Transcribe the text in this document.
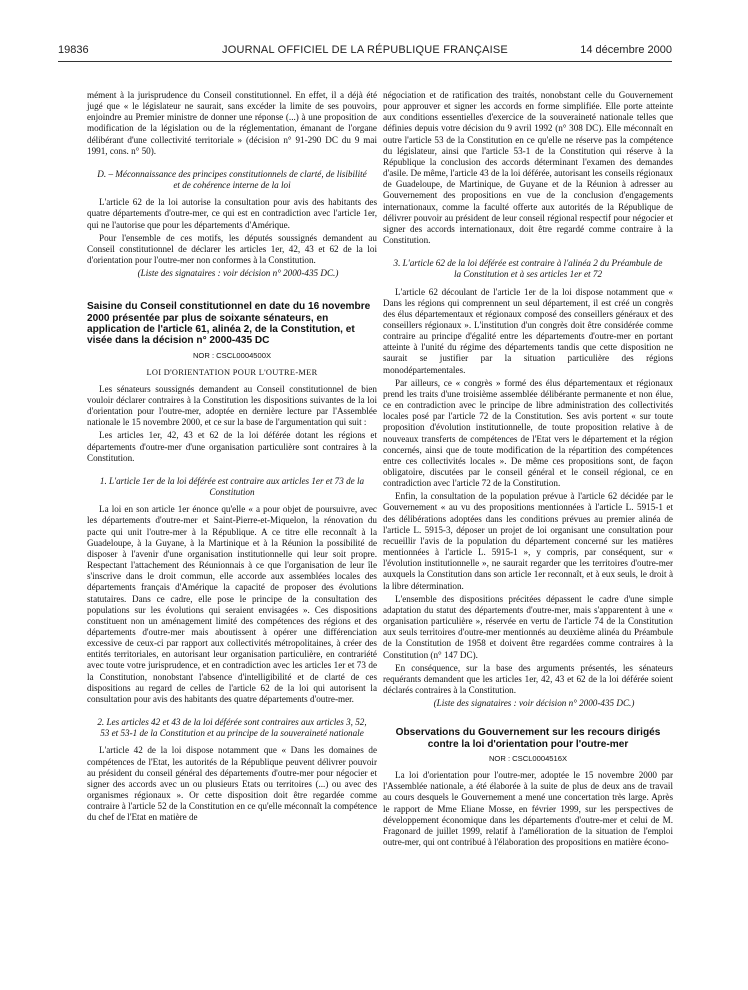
19836	JOURNAL OFFICIEL DE LA RÉPUBLIQUE FRANÇAISE	14 décembre 2000

mément à la jurisprudence du Conseil constitutionnel. En effet, il a déjà été jugé que « le législateur ne saurait, sans excéder la limite de ses pouvoirs, enjoindre au Premier ministre de donner une réponse (...) à une proposition de modification de la législation ou de la réglementation, émanant de l'organe délibérant d'une collectivité territoriale » (décision n° 91-290 DC du 9 mai 1991, cons. n° 50).

D. – Méconnaissance des principes constitutionnels de clarté, de lisibilité et de cohérence interne de la loi

L'article 62 de la loi autorise la consultation pour avis des habitants des quatre départements d'outre-mer, ce qui est en contradiction avec l'article 1er, qui ne l'autorise que pour les départements d'Amérique.

Pour l'ensemble de ces motifs, les députés soussignés demandent au Conseil constitutionnel de déclarer les articles 1er, 42, 43 et 62 de la loi d'orientation pour l'outre-mer non conformes à la Constitution.

(Liste des signataires : voir décision n° 2000-435 DC.)

Saisine du Conseil constitutionnel en date du 16 novembre 2000 présentée par plus de soixante sénateurs, en application de l'article 61, alinéa 2, de la Constitution, et visée dans la décision n° 2000-435 DC
NOR : CSCL0004500X
LOI D'ORIENTATION POUR L'OUTRE-MER

Les sénateurs soussignés demandent au Conseil constitutionnel de bien vouloir déclarer contraires à la Constitution les dispositions suivantes de la loi d'orientation pour l'outre-mer, adoptée en dernière lecture par l'Assemblée nationale le 15 novembre 2000, et ce sur la base de l'argumentation qui suit :

Les articles 1er, 42, 43 et 62 de la loi déférée dotant les régions et départements d'outre-mer d'une organisation particulière sont contraires à la Constitution.

1. L'article 1er de la loi déférée est contraire aux articles 1er et 73 de la Constitution

La loi en son article 1er énonce qu'elle « a pour objet de poursuivre, avec les départements d'outre-mer et Saint-Pierre-et-Miquelon, la rénovation du pacte qui unit l'outre-mer à la République. A ce titre elle reconnaît à la Guadeloupe, à la Guyane, à la Martinique et à la Réunion la possibilité de disposer à l'avenir d'une organisation institutionnelle qui leur soit propre. Respectant l'attachement des Réunionnais à ce que l'organisation de leur île s'inscrive dans le droit commun, elle accorde aux assemblées locales des départements français d'Amérique la capacité de proposer des évolutions statutaires. Dans ce cadre, elle pose le principe de la consultation des populations sur les évolutions qui seraient envisagées ». Ces dispositions constituent non un aménagement limité des compétences des régions et des départements d'outre-mer mais aboutissent à opérer une différenciation excessive de ceux-ci par rapport aux collectivités métropolitaines, à créer des entités territoriales, en autorisant leur organisation particulière, en contrariété avec toute votre jurisprudence, et en contradiction avec les articles 1er et 73 de la Constitution, nonobstant l'absence d'intelligibilité et de clarté de ces dispositions au regard de celles de l'article 62 de la loi qui autorisent la consultation pour avis des habitants des quatre départements d'outre-mer.

2. Les articles 42 et 43 de la loi déférée sont contraires aux articles 3, 52, 53 et 53-1 de la Constitution et au principe de la souveraineté nationale

L'article 42 de la loi dispose notamment que « Dans les domaines de compétences de l'Etat, les autorités de la République peuvent délivrer pouvoir au président du conseil général des départements d'outre-mer pour négocier et signer des accords avec un ou plusieurs Etats ou territoires (...) ou avec des organismes régionaux ». Or cette disposition doit être regardée comme contraire à l'article 52 de la Constitution en ce qu'elle méconnaît la compétence du chef de l'Etat en matière de

négociation et de ratification des traités, nonobstant celle du Gouvernement pour approuver et signer les accords en forme simplifiée. Elle porte atteinte aux conditions essentielles d'exercice de la souveraineté nationale telles que définies depuis votre décision du 9 avril 1992 (n° 308 DC). Elle méconnaît en outre l'article 53 de la Constitution en ce qu'elle ne réserve pas la compétence du législateur, ainsi que l'article 53-1 de la Constitution qui réserve à la République la conclusion des accords déterminant l'examen des demandes d'asile. De même, l'article 43 de la loi déférée, autorisant les conseils régionaux de Guadeloupe, de Martinique, de Guyane et de la Réunion à adresser au Gouvernement des propositions en vue de la conclusion d'engagements internationaux, comme la faculté offerte aux autorités de la République de délivrer pouvoir au président de leur conseil régional respectif pour négocier et signer des accords internationaux, doit être regardé comme contraire à la Constitution.

3. L'article 62 de la loi déférée est contraire à l'alinéa 2 du Préambule de la Constitution et à ses articles 1er et 72

L'article 62 découlant de l'article 1er de la loi dispose notamment que « Dans les régions qui comprennent un seul département, il est créé un congrès des élus départementaux et régionaux composé des conseillers généraux et des conseillers régionaux ». L'institution d'un congrès doit être considérée comme contraire au principe d'égalité entre les départements d'outre-mer en portant atteinte à l'unité du régime des départements tandis que cette disposition ne saurait se justifier par la situation particulière des régions monodépartementales.

Par ailleurs, ce « congrès » formé des élus départementaux et régionaux prend les traits d'une troisième assemblée délibérante permanente et non élue, ce en contradiction avec le principe de libre administration des collectivités locales posé par l'article 72 de la Constitution. Ses avis portent « sur toute proposition d'évolution institutionnelle, de toute proposition relative à de nouveaux transferts de compétences de l'Etat vers le département et la région concernés, ainsi que de toute modification de la répartition des compétences entre ces collectivités locales ». De même ces propositions sont, de façon obligatoire, discutées par le conseil général et le conseil régional, ce en contradiction avec l'article 72 de la Constitution.

Enfin, la consultation de la population prévue à l'article 62 décidée par le Gouvernement « au vu des propositions mentionnées à l'article L. 5915-1 et des délibérations adoptées dans les conditions prévues au premier alinéa de l'article L. 5915-3, déposer un projet de loi organisant une consultation pour recueillir l'avis de la population du département concerné sur les matières mentionnées à l'article L. 5915-1 », y compris, par conséquent, sur « l'évolution institutionnelle », ne saurait regarder que les territoires d'outre-mer auxquels la Constitution dans son article 1er reconnaît, et à eux seuls, le droit à la libre détermination.

L'ensemble des dispositions précitées dépassent le cadre d'une simple adaptation du statut des départements d'outre-mer, mais s'apparentent à une « organisation particulière », réservée en vertu de l'article 74 de la Constitution aux seuls territoires d'outre-mer mentionnés au deuxième alinéa du Préambule de la Constitution de 1958 et doivent être regardées comme contraires à la Constitution (n° 147 DC).

En conséquence, sur la base des arguments présentés, les sénateurs requérants demandent que les articles 1er, 42, 43 et 62 de la loi déférée soient déclarés contraires à la Constitution.

(Liste des signataires : voir décision n° 2000-435 DC.)

Observations du Gouvernement sur les recours dirigés contre la loi d'orientation pour l'outre-mer
NOR : CSCL0004516X

La loi d'orientation pour l'outre-mer, adoptée le 15 novembre 2000 par l'Assemblée nationale, a été élaborée à la suite de plus de deux ans de travail au cours desquels le Gouvernement a mené une concertation très large. Après le rapport de Mme Eliane Mosse, en février 1999, sur les perspectives de développement économique dans les départements d'outre-mer et celui de M. Fragonard de juillet 1999, relatif à l'amélioration de la situation de l'emploi outre-mer, qui ont contribué à l'élaboration des propositions en matière écono-
